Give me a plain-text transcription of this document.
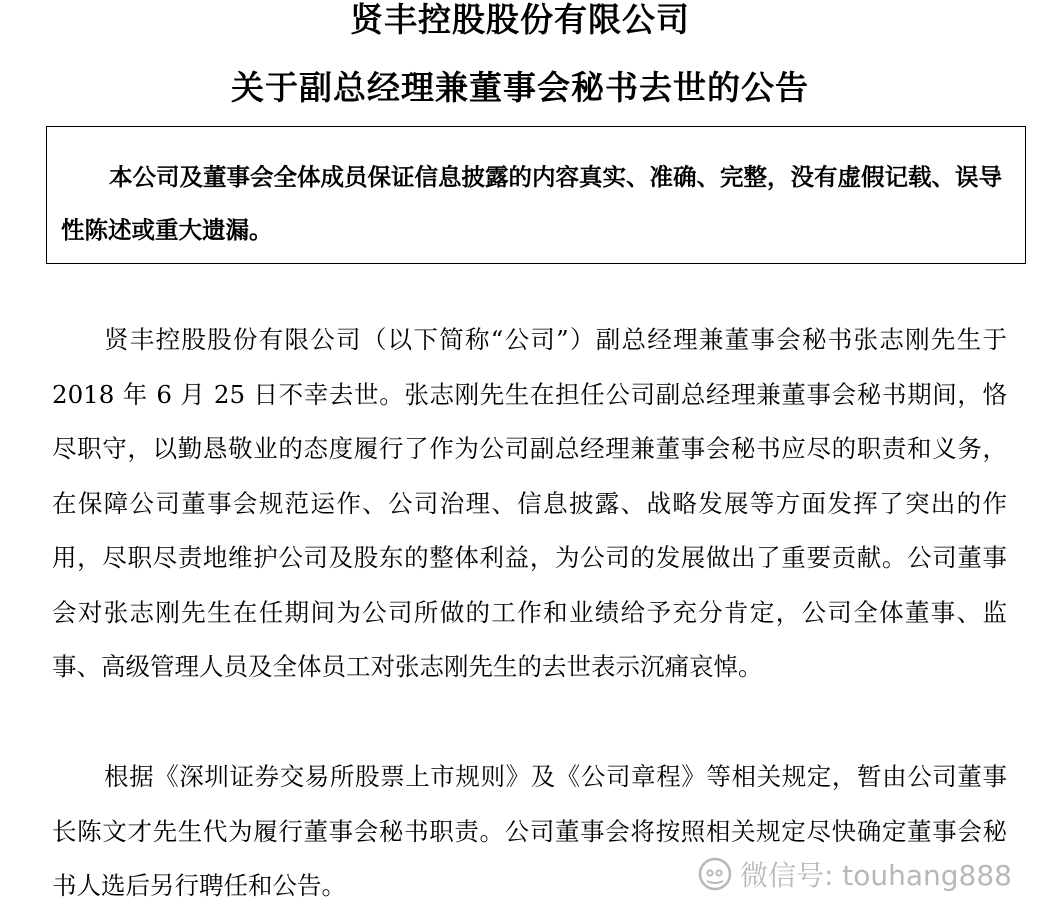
贤丰控股股份有限公司
关于副总经理兼董事会秘书去世的公告

本公司及董事会全体成员保证信息披露的内容真实、准确、完整，没有虚假记载、误导性陈述或重大遗漏。

贤丰控股股份有限公司（以下简称“公司”）副总经理兼董事会秘书张志刚先生于 2018 年 6 月 25 日不幸去世。张志刚先生在担任公司副总经理兼董事会秘书期间，恪尽职守，以勤恳敬业的态度履行了作为公司副总经理兼董事会秘书应尽的职责和义务，在保障公司董事会规范运作、公司治理、信息披露、战略发展等方面发挥了突出的作用，尽职尽责地维护公司及股东的整体利益，为公司的发展做出了重要贡献。公司董事会对张志刚先生在任期间为公司所做的工作和业绩给予充分肯定，公司全体董事、监事、高级管理人员及全体员工对张志刚先生的去世表示沉痛哀悼。

根据《深圳证券交易所股票上市规则》及《公司章程》等相关规定，暂由公司董事长陈文才先生代为履行董事会秘书职责。公司董事会将按照相关规定尽快确定董事会秘书人选后另行聘任和公告。	微信号: touhang888
